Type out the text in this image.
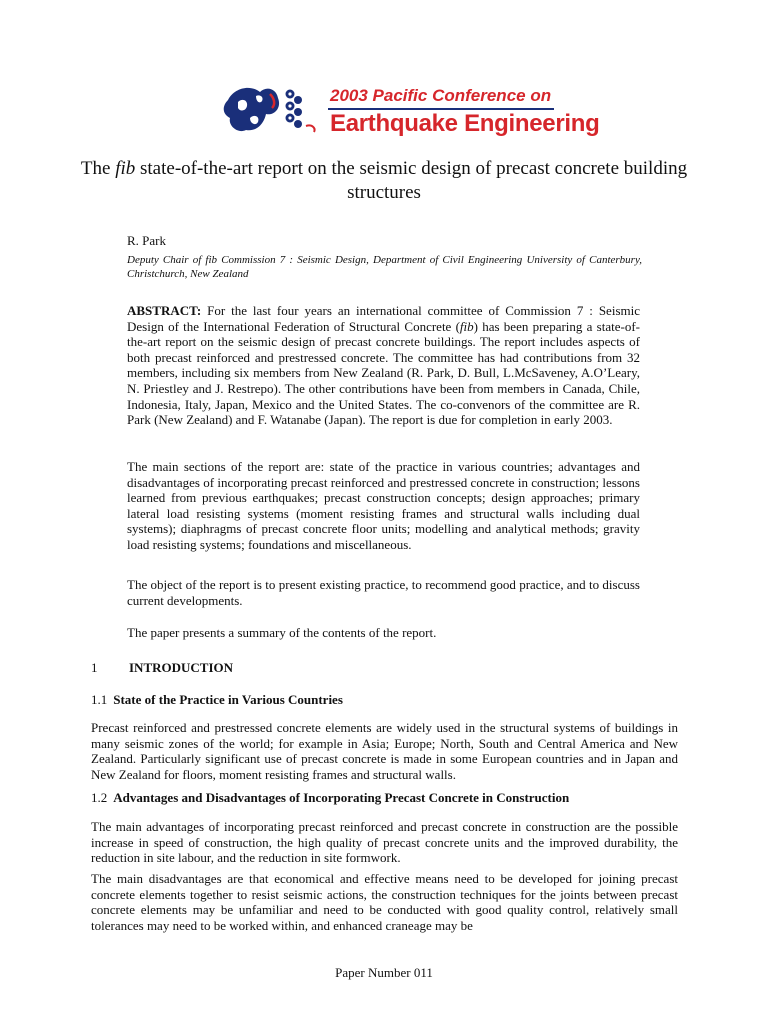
2003 Pacific Conference on
Earthquake Engineering
The fib state-of-the-art report on the seismic design of precast concrete building structures
R. Park
Deputy Chair of fib Commission 7 : Seismic Design, Department of Civil Engineering University of Canterbury, Christchurch, New Zealand

ABSTRACT: For the last four years an international committee of Commission 7 : Seismic Design of the International Federation of Structural Concrete (fib) has been preparing a state-of-the-art report on the seismic design of precast concrete buildings. The report includes aspects of both precast reinforced and prestressed concrete. The committee has had contributions from 32 members, including six members from New Zealand (R. Park, D. Bull, L.McSaveney, A.O’Leary, N. Priestley and J. Restrepo). The other contributions have been from members in Canada, Chile, Indonesia, Italy, Japan, Mexico and the United States. The co-convenors of the committee are R. Park (New Zealand) and F. Watanabe (Japan). The report is due for completion in early 2003.

The main sections of the report are: state of the practice in various countries; advantages and disadvantages of incorporating precast reinforced and prestressed concrete in construction; lessons learned from previous earthquakes; precast construction concepts; design approaches; primary lateral load resisting systems (moment resisting frames and structural walls including dual systems); diaphragms of precast concrete floor units; modelling and analytical methods; gravity load resisting systems; foundations and miscellaneous.

The object of the report is to present existing practice, to recommend good practice, and to discuss current developments.

The paper presents a summary of the contents of the report.

1 INTRODUCTION
1.1 State of the Practice in Various Countries

Precast reinforced and prestressed concrete elements are widely used in the structural systems of buildings in many seismic zones of the world; for example in Asia; Europe; North, South and Central America and New Zealand. Particularly significant use of precast concrete is made in some European countries and in Japan and New Zealand for floors, moment resisting frames and structural walls.

1.2 Advantages and Disadvantages of Incorporating Precast Concrete in Construction

The main advantages of incorporating precast reinforced and precast concrete in construction are the possible increase in speed of construction, the high quality of precast concrete units and the improved durability, the reduction in site labour, and the reduction in site formwork.

The main disadvantages are that economical and effective means need to be developed for joining precast concrete elements together to resist seismic actions, the construction techniques for the joints between precast concrete elements may be unfamiliar and need to be conducted with good quality control, relatively small tolerances may need to be worked within, and enhanced craneage may be

Paper Number 011
